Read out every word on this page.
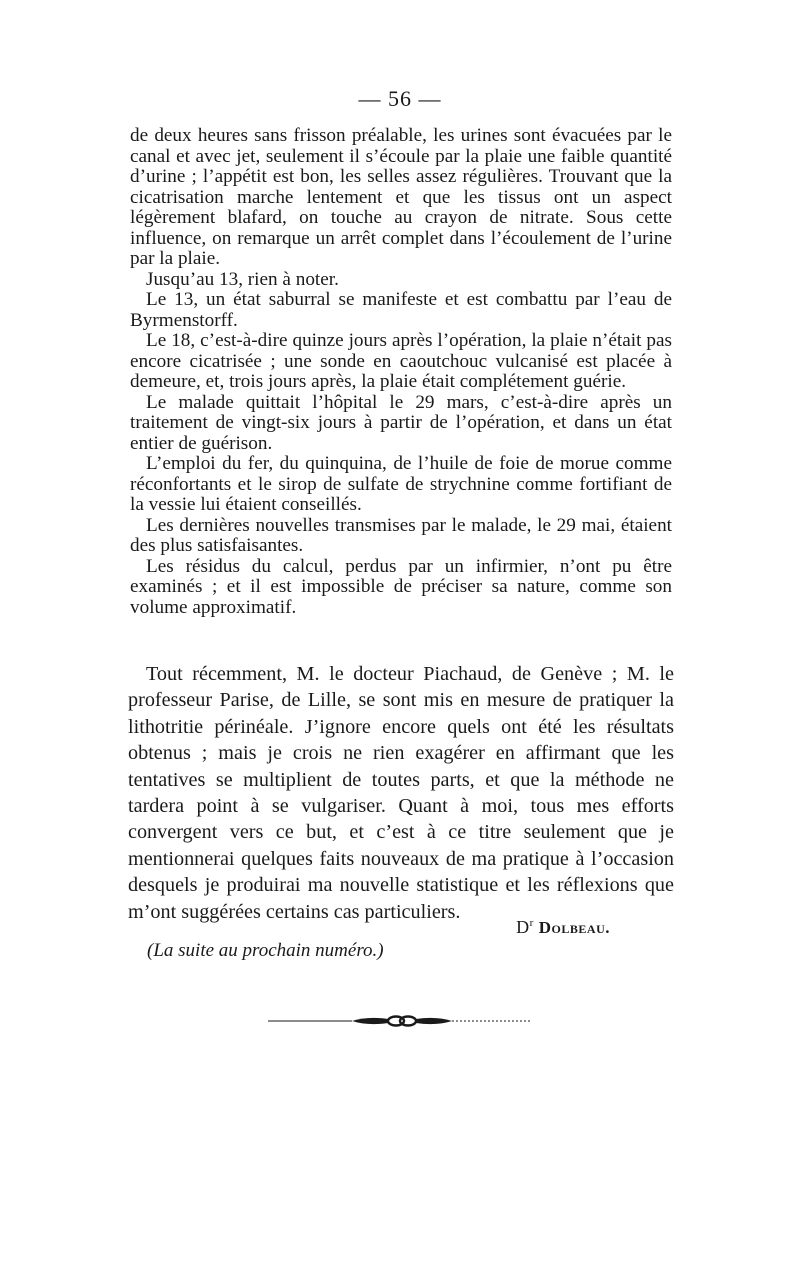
— 56 —

de deux heures sans frisson préalable, les urines sont évacuées par le canal et avec jet, seulement il s’écoule par la plaie une faible quantité d’urine ; l’appétit est bon, les selles assez régulières. Trouvant que la cicatrisation marche lentement et que les tissus ont un aspect légèrement blafard, on touche au crayon de nitrate. Sous cette influence, on remarque un arrêt complet dans l’écoulement de l’urine par la plaie.

Jusqu’au 13, rien à noter.

Le 13, un état saburral se manifeste et est combattu par l’eau de Byrmenstorff.

Le 18, c’est-à-dire quinze jours après l’opération, la plaie n’était pas encore cicatrisée ; une sonde en caoutchouc vulcanisé est placée à demeure, et, trois jours après, la plaie était complétement guérie.

Le malade quittait l’hôpital le 29 mars, c’est-à-dire après un traitement de vingt-six jours à partir de l’opération, et dans un état entier de guérison.

L’emploi du fer, du quinquina, de l’huile de foie de morue comme réconfortants et le sirop de sulfate de strychnine comme fortifiant de la vessie lui étaient conseillés.

Les dernières nouvelles transmises par le malade, le 29 mai, étaient des plus satisfaisantes.

Les résidus du calcul, perdus par un infirmier, n’ont pu être examinés ; et il est impossible de préciser sa nature, comme son volume approximatif.

Tout récemment, M. le docteur Piachaud, de Genève ; M. le professeur Parise, de Lille, se sont mis en mesure de pratiquer la lithotritie périnéale. J’ignore encore quels ont été les résultats obtenus ; mais je crois ne rien exagérer en affirmant que les tentatives se multiplient de toutes parts, et que la méthode ne tardera point à se vulgariser. Quant à moi, tous mes efforts convergent vers ce but, et c’est à ce titre seulement que je mentionnerai quelques faits nouveaux de ma pratique à l’occasion desquels je produirai ma nouvelle statistique et les réflexions que m’ont suggérées certains cas particuliers.

$D^r$ Dolbeau.
(La suite au prochain numéro.)
